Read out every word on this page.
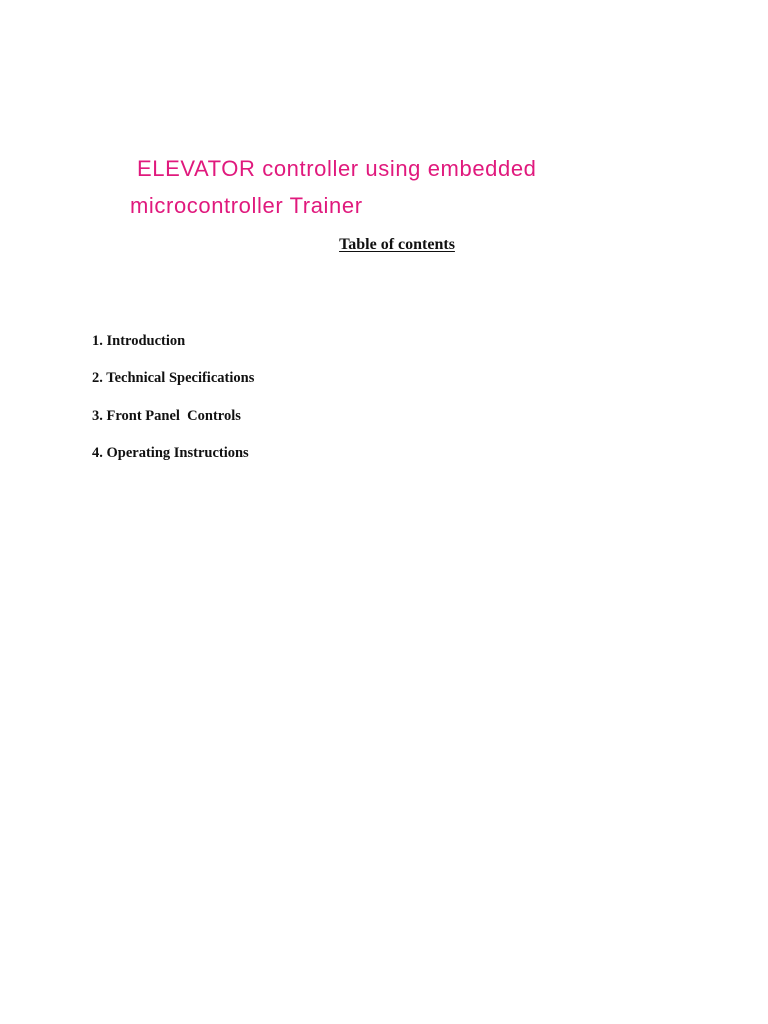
ELEVATOR controller using embedded
microcontroller Trainer
Table of contents
1. Introduction
2. Technical Specifications
3. Front Panel  Controls
4. Operating Instructions
